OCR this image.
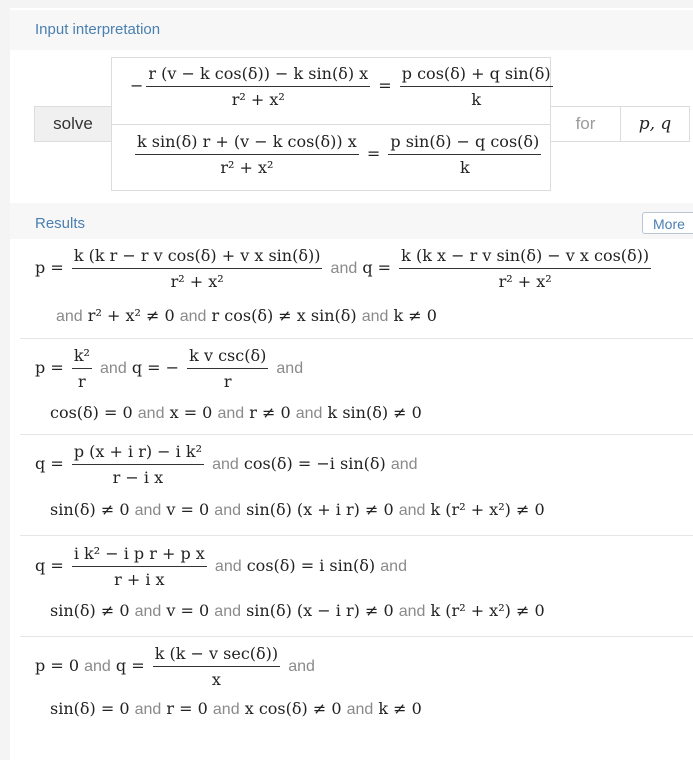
Input interpretation
solve
− $\frac{\text{r (v − k cos(δ)) − k sin(δ) x}}{\text{r² + x²}} = \frac{\text{p cos(δ) + q sin(δ)}}{k}$
$\frac{\text{k sin(δ) r + (v − k cos(δ)) x}}{\text{r² + x²}} = \frac{\text{p sin(δ) − q cos(δ)}}{k}$
for	p, q
Results	More
$p = \frac{\text{k (k r − r v cos(δ) + v x sin(δ))}}{\text{r² + x²}}$ and $q = \frac{\text{k (k x − r v sin(δ) − v x cos(δ))}}{\text{r² + x²}}$
and r² + x² ≠ 0 and r cos(δ) ≠ x sin(δ) and k ≠ 0
$p = \frac{\text{k²}}{r}$ and q = − $\frac{\text{k v csc(δ)}}{r}$ and
cos(δ) = 0 and x = 0 and r ≠ 0 and k sin(δ) ≠ 0
$q = \frac{\text{p (x + i r) − i k²}}{\text{r − i x}}$ and cos(δ) = −i sin(δ) and
sin(δ) ≠ 0 and v = 0 and sin(δ) (x + i r) ≠ 0 and k (r² + x²) ≠ 0
$q = \frac{\text{i k² − i p r + p x}}{\text{r + i x}}$ and cos(δ) = i sin(δ) and
sin(δ) ≠ 0 and v = 0 and sin(δ) (x − i r) ≠ 0 and k (r² + x²) ≠ 0
p = 0 and $q = \frac{\text{k (k − v sec(δ))}}{x}$ and
sin(δ) = 0 and r = 0 and x cos(δ) ≠ 0 and k ≠ 0
